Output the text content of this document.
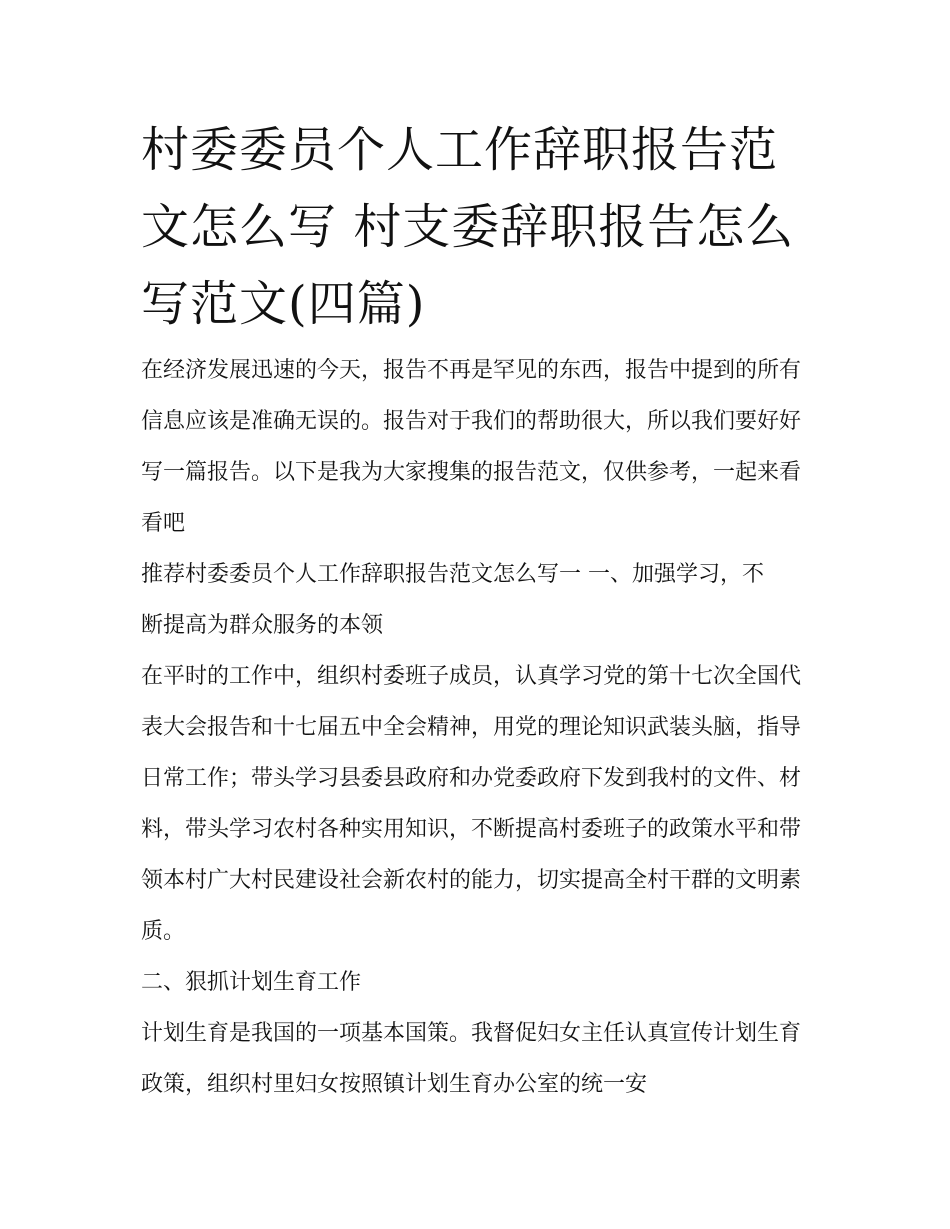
村委委员个人工作辞职报告范文怎么写 村支委辞职报告怎么写范文(四篇)

在经济发展迅速的今天，报告不再是罕见的东西，报告中提到的所有信息应该是准确无误的。报告对于我们的帮助很大，所以我们要好好写一篇报告。以下是我为大家搜集的报告范文，仅供参考，一起来看看吧

推荐村委委员个人工作辞职报告范文怎么写一 一、加强学习，不断提高为群众服务的本领

在平时的工作中，组织村委班子成员，认真学习党的第十七次全国代表大会报告和十七届五中全会精神，用党的理论知识武装头脑，指导日常工作；带头学习县委县政府和办党委政府下发到我村的文件、材料，带头学习农村各种实用知识，不断提高村委班子的政策水平和带领本村广大村民建设社会新农村的能力，切实提高全村干群的文明素质。

二、狠抓计划生育工作

计划生育是我国的一项基本国策。我督促妇女主任认真宣传计划生育政策，组织村里妇女按照镇计划生育办公室的统一安
